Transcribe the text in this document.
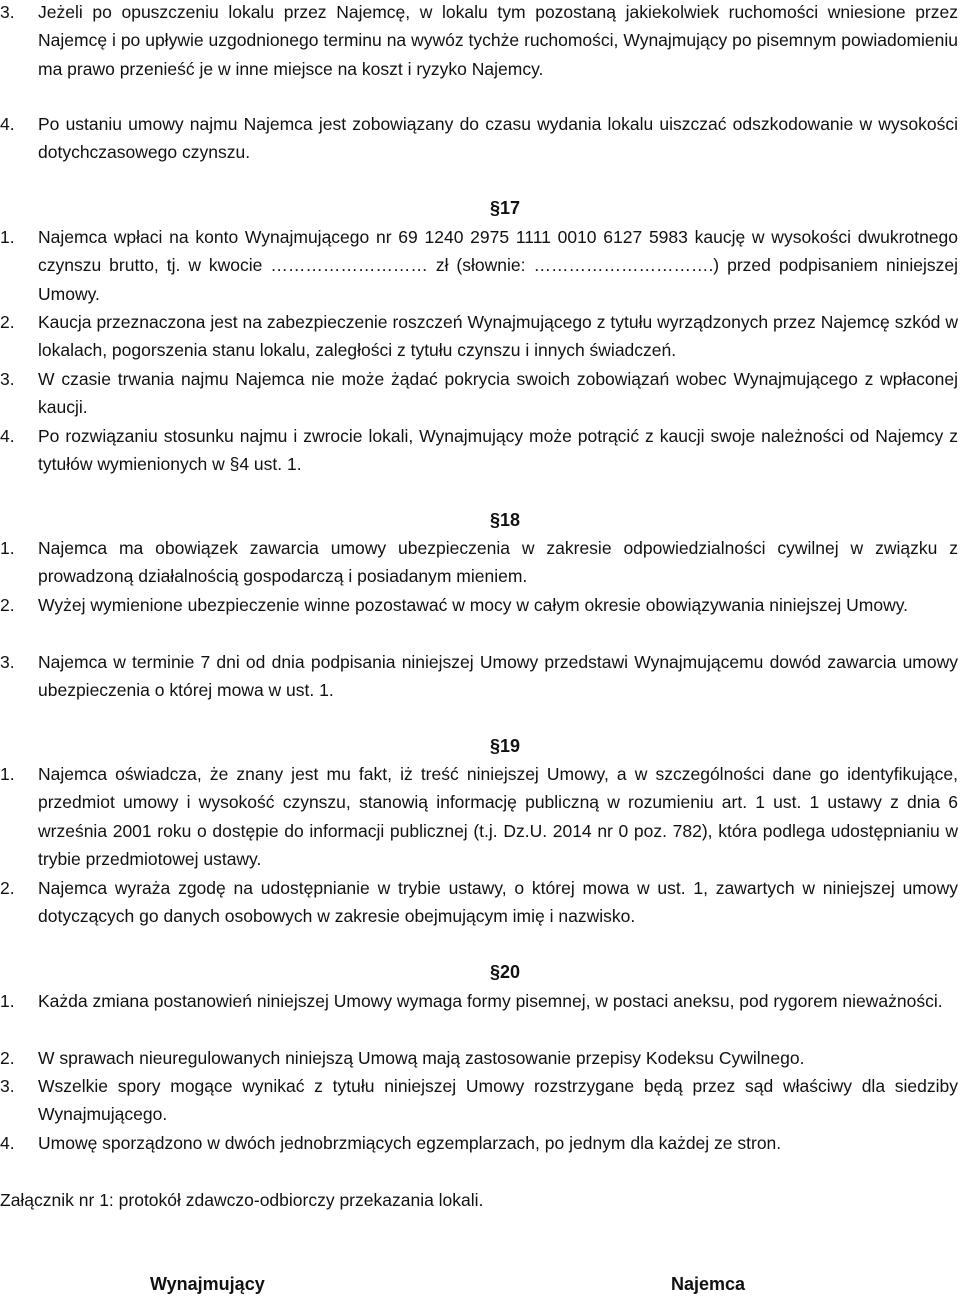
3.	Jeżeli po opuszczeniu lokalu przez Najemcę, w lokalu tym pozostaną jakiekolwiek ruchomości wniesione przez Najemcę i po upływie uzgodnionego terminu na wywóz tychże ruchomości, Wynajmujący po pisemnym powiadomieniu ma prawo przenieść je w inne miejsce na koszt i ryzyko Najemcy.
4.	Po ustaniu umowy najmu Najemca jest zobowiązany do czasu wydania lokalu uiszczać odszkodowanie w wysokości dotychczasowego czynszu.
§17
1.	Najemca wpłaci na konto Wynajmującego nr 69 1240 2975 1111 0010 6127 5983 kaucję w wysokości dwukrotnego czynszu brutto, tj. w kwocie ……………………… zł (słownie: ………………………….) przed podpisaniem niniejszej Umowy.
2.	Kaucja przeznaczona jest na zabezpieczenie roszczeń Wynajmującego z tytułu wyrządzonych przez Najemcę szkód w lokalach, pogorszenia stanu lokalu, zaległości z tytułu czynszu i innych świadczeń.
3.	W czasie trwania najmu Najemca nie może żądać pokrycia swoich zobowiązań wobec Wynajmującego z wpłaconej kaucji.
4.	Po rozwiązaniu stosunku najmu i zwrocie lokali, Wynajmujący może potrącić z kaucji swoje należności od Najemcy z tytułów wymienionych w §4 ust. 1.
§18
1.	Najemca ma obowiązek zawarcia umowy ubezpieczenia w zakresie odpowiedzialności cywilnej w związku z prowadzoną działalnością gospodarczą i posiadanym mieniem.
2.	Wyżej wymienione ubezpieczenie winne pozostawać w mocy w całym okresie obowiązywania niniejszej Umowy.
3.	Najemca w terminie 7 dni od dnia podpisania niniejszej Umowy przedstawi Wynajmującemu dowód zawarcia umowy ubezpieczenia o której mowa w ust. 1.
§19
1.	Najemca oświadcza, że znany jest mu fakt, iż treść niniejszej Umowy, a w szczególności dane go identyfikujące, przedmiot umowy i wysokość czynszu, stanowią informację publiczną w rozumieniu art. 1 ust. 1 ustawy z dnia 6 września 2001 roku o dostępie do informacji publicznej (t.j. Dz.U. 2014 nr 0 poz. 782), która podlega udostępnianiu w trybie przedmiotowej ustawy.
2.	Najemca wyraża zgodę na udostępnianie w trybie ustawy, o której mowa w ust. 1, zawartych w niniejszej umowy dotyczących go danych osobowych w zakresie obejmującym imię i nazwisko.
§20
1.	Każda zmiana postanowień niniejszej Umowy wymaga formy pisemnej, w postaci aneksu, pod rygorem nieważności.
2.	W sprawach nieuregulowanych niniejszą Umową mają zastosowanie przepisy Kodeksu Cywilnego.
3.	Wszelkie spory mogące wynikać z tytułu niniejszej Umowy rozstrzygane będą przez sąd właściwy dla siedziby Wynajmującego.
4.	Umowę sporządzono w dwóch jednobrzmiących egzemplarzach, po jednym dla każdej ze stron.
Załącznik nr 1: protokół zdawczo-odbiorczy przekazania lokali.
Wynajmujący	Najemca
